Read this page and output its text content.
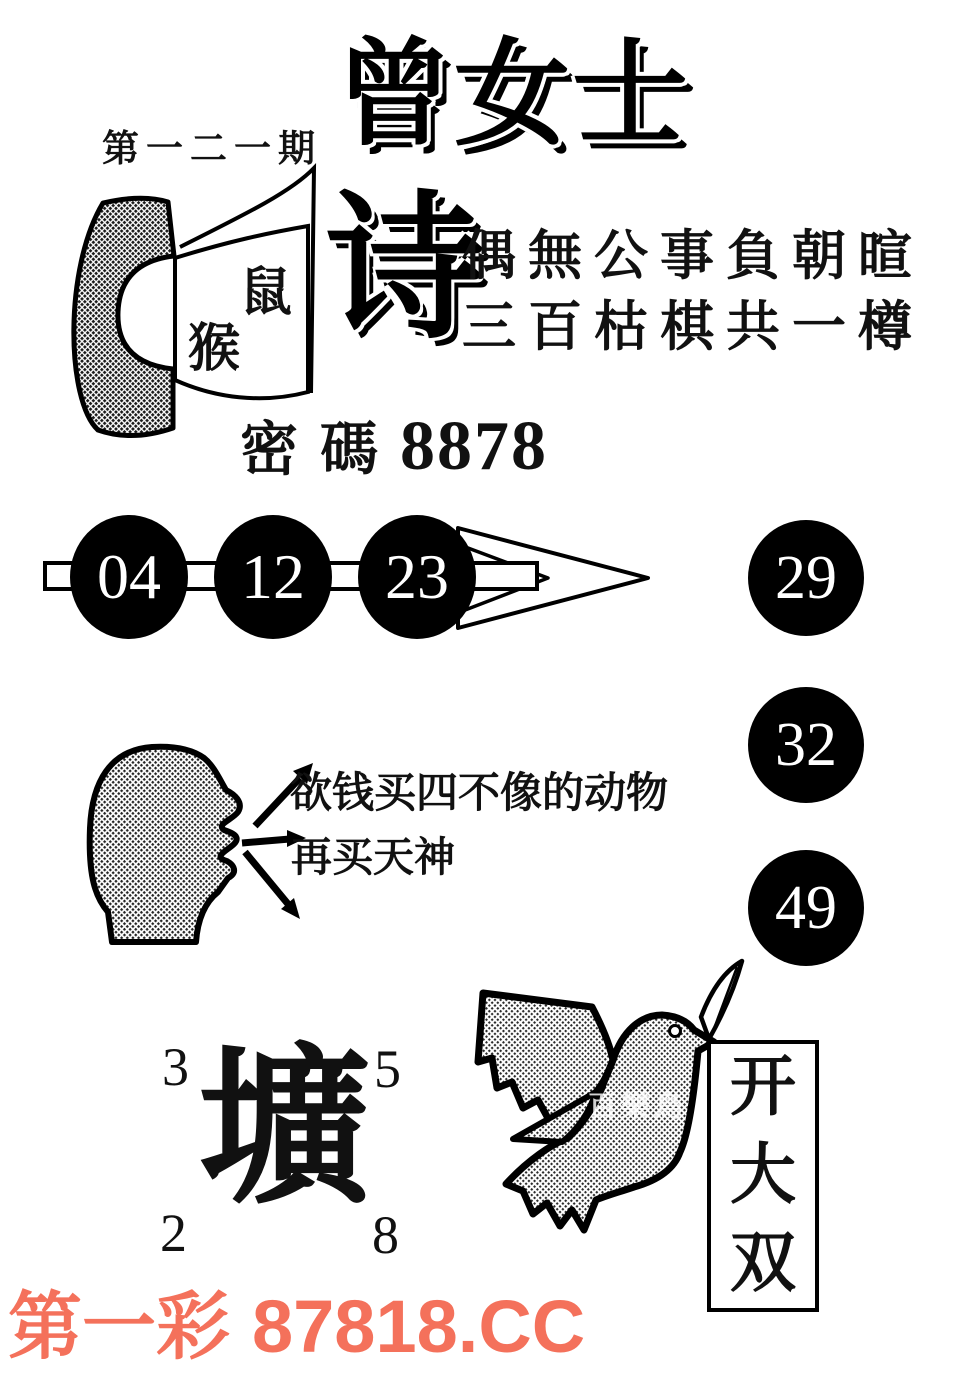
第一二一期 曾女士
诗
偶無公事負朝暄
三百枯棋共一樽
鼠
猴
密碼 8878
04 12 23	29
32
49
欲钱买四不像的动物
再买天神
3	5
2	8
壙	百樂鳥 开
大
双
第一彩 87818.CC
